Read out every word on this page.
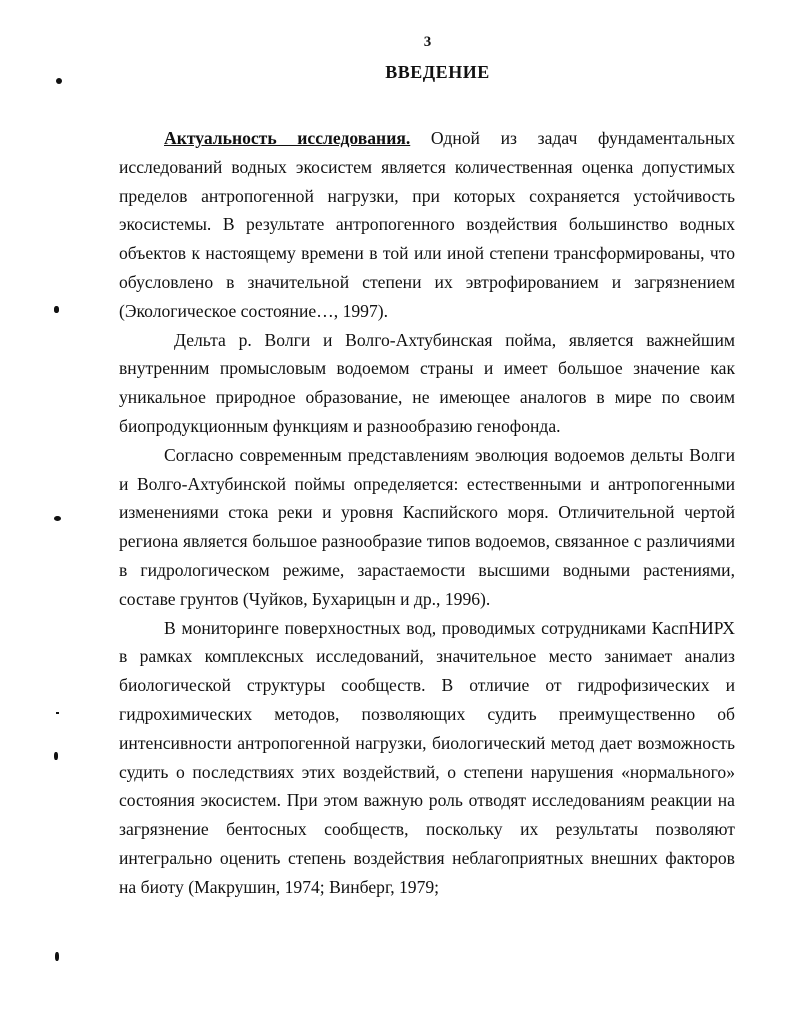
3
ВВЕДЕНИЕ

Актуальность исследования. Одной из задач фундаментальных исследований водных экосистем является количественная оценка допустимых пределов антропогенной нагрузки, при которых сохраняется устойчивость экосистемы. В результате антропогенного воздействия большинство водных объектов к настоящему времени в той или иной степени трансформированы, что обусловлено в значительной степени их эвтрофированием и загрязнением (Экологическое состояние…, 1997).

Дельта р. Волги и Волго-Ахтубинская пойма, является важнейшим внутренним промысловым водоемом страны и имеет большое значение как уникальное природное образование, не имеющее аналогов в мире по своим биопродукционным функциям и разнообразию генофонда.

Согласно современным представлениям эволюция водоемов дельты Волги и Волго-Ахтубинской поймы определяется: естественными и антропогенными изменениями стока реки и уровня Каспийского моря. Отличительной чертой региона является большое разнообразие типов водоемов, связанное с различиями в гидрологическом режиме, зарастаемости высшими водными растениями, составе грунтов (Чуйков, Бухарицын и др., 1996).

В мониторинге поверхностных вод, проводимых сотрудниками КаспНИРХ в рамках комплексных исследований, значительное место занимает анализ биологической структуры сообществ. В отличие от гидрофизических и гидрохимических методов, позволяющих судить преимущественно об интенсивности антропогенной нагрузки, биологический метод дает возможность судить о последствиях этих воздействий, о степени нарушения «нормального» состояния экосистем. При этом важную роль отводят исследованиям реакции на загрязнение бентосных сообществ, поскольку их результаты позволяют интегрально оценить степень воздействия неблагоприятных внешних факторов на биоту (Макрушин, 1974; Винберг, 1979;
